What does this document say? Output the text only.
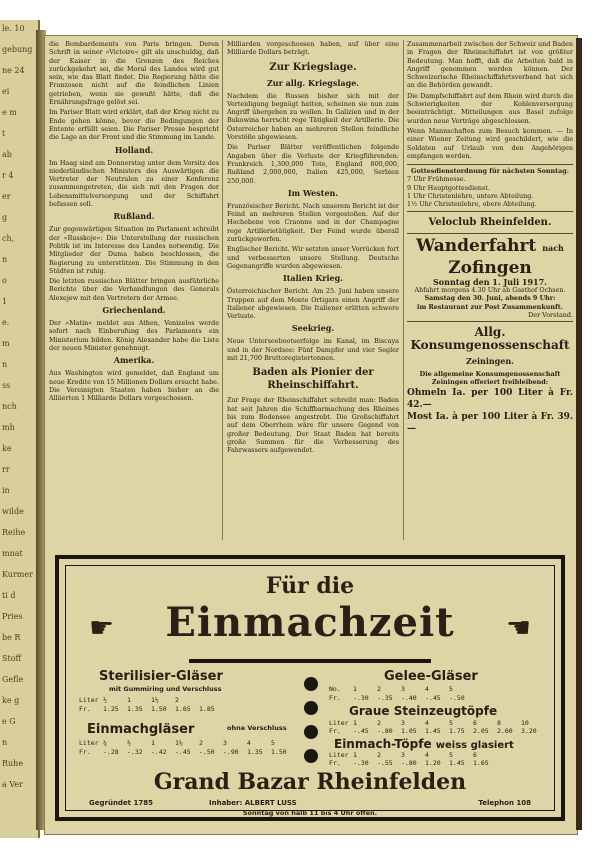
le. 10
gebung
ne 24
ei
e m
t
ab
r 4
er
g
ch,
n
o
1
e.
m
n
ss
nch
mh
ke
rr
in
wilde
Reihe
mnat
Kurmer
ti d
Pries
be R
Stoff
Gefle
ke g
e G
n
Ruhe
a Ver

die Bombardements von Paris bringen. Deren Schrift in seiner »Victoire« gilt als unschuldig, daß der Kaiser in die Grenzen des Reiches zurückgekehrt sei, die Moral des Landes wird gut sein, wie das Blatt findet. Die Regierung hätte die Franzosen nicht auf die feindlichen Linien getrieben, wenn sie gewußt hätte, daß die Ernährungsfrage gelöst sei.

Im Pariser Blatt wird erklärt, daß der Krieg nicht zu Ende gehen könne, bevor die Bedingungen der Entente erfüllt seien. Die Pariser Presse bespricht die Lage an der Front und die Stimmung im Lande.

Holland.

Im Haag sind am Donnerstag unter dem Vorsitz des niederländischen Ministers des Auswärtigen die Vertreter der Neutralen zu einer Konferenz zusammengetreten, die sich mit den Fragen der Lebensmittelversorgung und der Schiffahrt befassen soll.

Rußland.

Zur gegenwärtigen Situation im Parlament schreibt der »Russkoje«: Die Unterstellung der russischen Politik ist im Interesse des Landes notwendig. Die Mitglieder der Duma haben beschlossen, die Regierung zu unterstützen. Die Stimmung in den Städten ist ruhig.

Die letzten russischen Blätter bringen ausführliche Berichte über die Verhandlungen des Generals Alexejew mit den Vertretern der Armee.

Griechenland.

Der »Matin« meldet aus Athen, Venizelos werde sofort nach Einberufung des Parlaments ein Ministerium bilden. König Alexander habe die Liste der neuen Minister genehmigt.

Amerika.

Aus Washington wird gemeldet, daß England um neue Kredite von 15 Millionen Dollars ersucht habe. Die Vereinigten Staaten haben bisher an die Alliierten 1 Milliarde Dollars vorgeschossen.

Milliarden vorgeschossen haben, auf über eine Milliarde Dollars beträgt.

Zur Kriegslage.
Zur allg. Kriegslage.

Nachdem die Russen bisher sich mit der Verteidigung begnügt hatten, scheinen sie nun zum Angriff übergehen zu wollen. In Galizien und in der Bukowina herrscht rege Tätigkeit der Artillerie. Die Österreicher haben an mehreren Stellen feindliche Vorstöße abgewiesen.

Die Pariser Blätter veröffentlichen folgende Angaben über die Verluste der Kriegführenden: Frankreich 1,300,000 Tote, England 800,000, Rußland 2,000,000, Italien 425,000, Serbien 250,000.

Im Westen.

Französischer Bericht. Nach unserem Bericht ist der Feind an mehreren Stellen vorgestoßen. Auf der Hochebene von Craonne und in der Champagne rege Artillerietätigkeit. Der Feind wurde überall zurückgeworfen.

Englischer Bericht. Wir setzten unser Vorrücken fort und verbesserten unsere Stellung. Deutsche Gegenangriffe wurden abgewiesen.

Italien Krieg.

Österreichischer Bericht. Am 25. Juni haben unsere Truppen auf dem Monte Ortigara einen Angriff der Italiener abgewiesen. Die Italiener erlitten schwere Verluste.

Seekrieg.

Neue Unterseebootserfolge im Kanal, im Biscaya und in der Nordsee: Fünf Dampfer und vier Segler mit 21,700 Bruttoregistertonnen.

Baden als Pionier der Rheinschiffahrt.

Zur Frage der Rheinschiffahrt schreibt man: Baden hat seit Jahren die Schiffbarmachung des Rheines bis zum Bodensee angestrebt. Die Großschiffahrt auf dem Oberrhein wäre für unsere Gegend von großer Bedeutung. Der Staat Baden hat bereits große Summen für die Verbesserung des Fahrwassers aufgewendet.

Zusammenarbeit zwischen der Schweiz und Baden in Fragen der Rheinschiffahrt ist von größter Bedeutung. Man hofft, daß die Arbeiten bald in Angriff genommen werden können. Der Schweizerische Rheinschiffahrtsverband hat sich an die Behörden gewandt.

Die Dampfschiffahrt auf dem Rhein wird durch die Schwierigkeiten der Kohlenversorgung beeinträchtigt. Mitteilungen aus Basel zufolge wurden neue Verträge abgeschlossen.

Wenn Mannschaften zum Besuch kommen. — In einer Wiener Zeitung wird geschildert, wie die Soldaten auf Urlaub von den Angehörigen empfangen werden.

Gottesdienstordnung für nächsten Sonntag.
7 Uhr Frühmesse.
9 Uhr Hauptgottesdienst.
1 Uhr Christenlehre, untere Abteilung.
1½ Uhr Christenlehre, obere Abteilung.
Veloclub Rheinfelden.
Wanderfahrt nach Zofingen
Sonntag den 1. Juli 1917.
Abfahrt morgens 4.30 Uhr ab Gasthof Ochsen.
Samstag den 30. Juni, abends 9 Uhr:
im Restaurant zur Post Zusammenkunft.
Der Vorstand.
Allg. Konsumgenossenschaft
Zeiningen.
Die allgemeine Konsumgenossenschaft Zeiningen offeriert freibleibend:
Ohmeln Ia. per 100 Liter à Fr. 42.—
Most Ia. à per 100 Liter à Fr. 39.—
Für die
Einmachzeit
☛	☛
Sterilisier-Gläser
mit Gummiring und Verschluss
Liter ½	1	1½ 2
Fr. 1.25 1.35 1.50 1.65 1.85
Einmachgläser	ohne Verschluss
Liter ¼	½	1	1½ 2	3	4	5
Fr. -.28 -.32 -.42 -.45 -.50 -.90 1.35 1.50
Gelee-Gläser
No. 1	2	3	4	5
Fr. -.30 -.35 -.40 -.45 -.50
Graue Steinzeugtöpfe
Liter 1	2	3	4	5	6	8	10
Fr. -.45 -.80 1.05 1.45 1.75 2.05 2.60 3.20
Einmach-Töpfe weiss glasiert
Liter 1	2	3	4	5	6
Fr. -.30 -.55 -.80 1.20 1.45 1.65
Grand Bazar Rheinfelden
Gegründet 1785	Inhaber: ALBERT LUSS	Telephon 108
Sonntag von halb 11 bis 4 Uhr offen.
